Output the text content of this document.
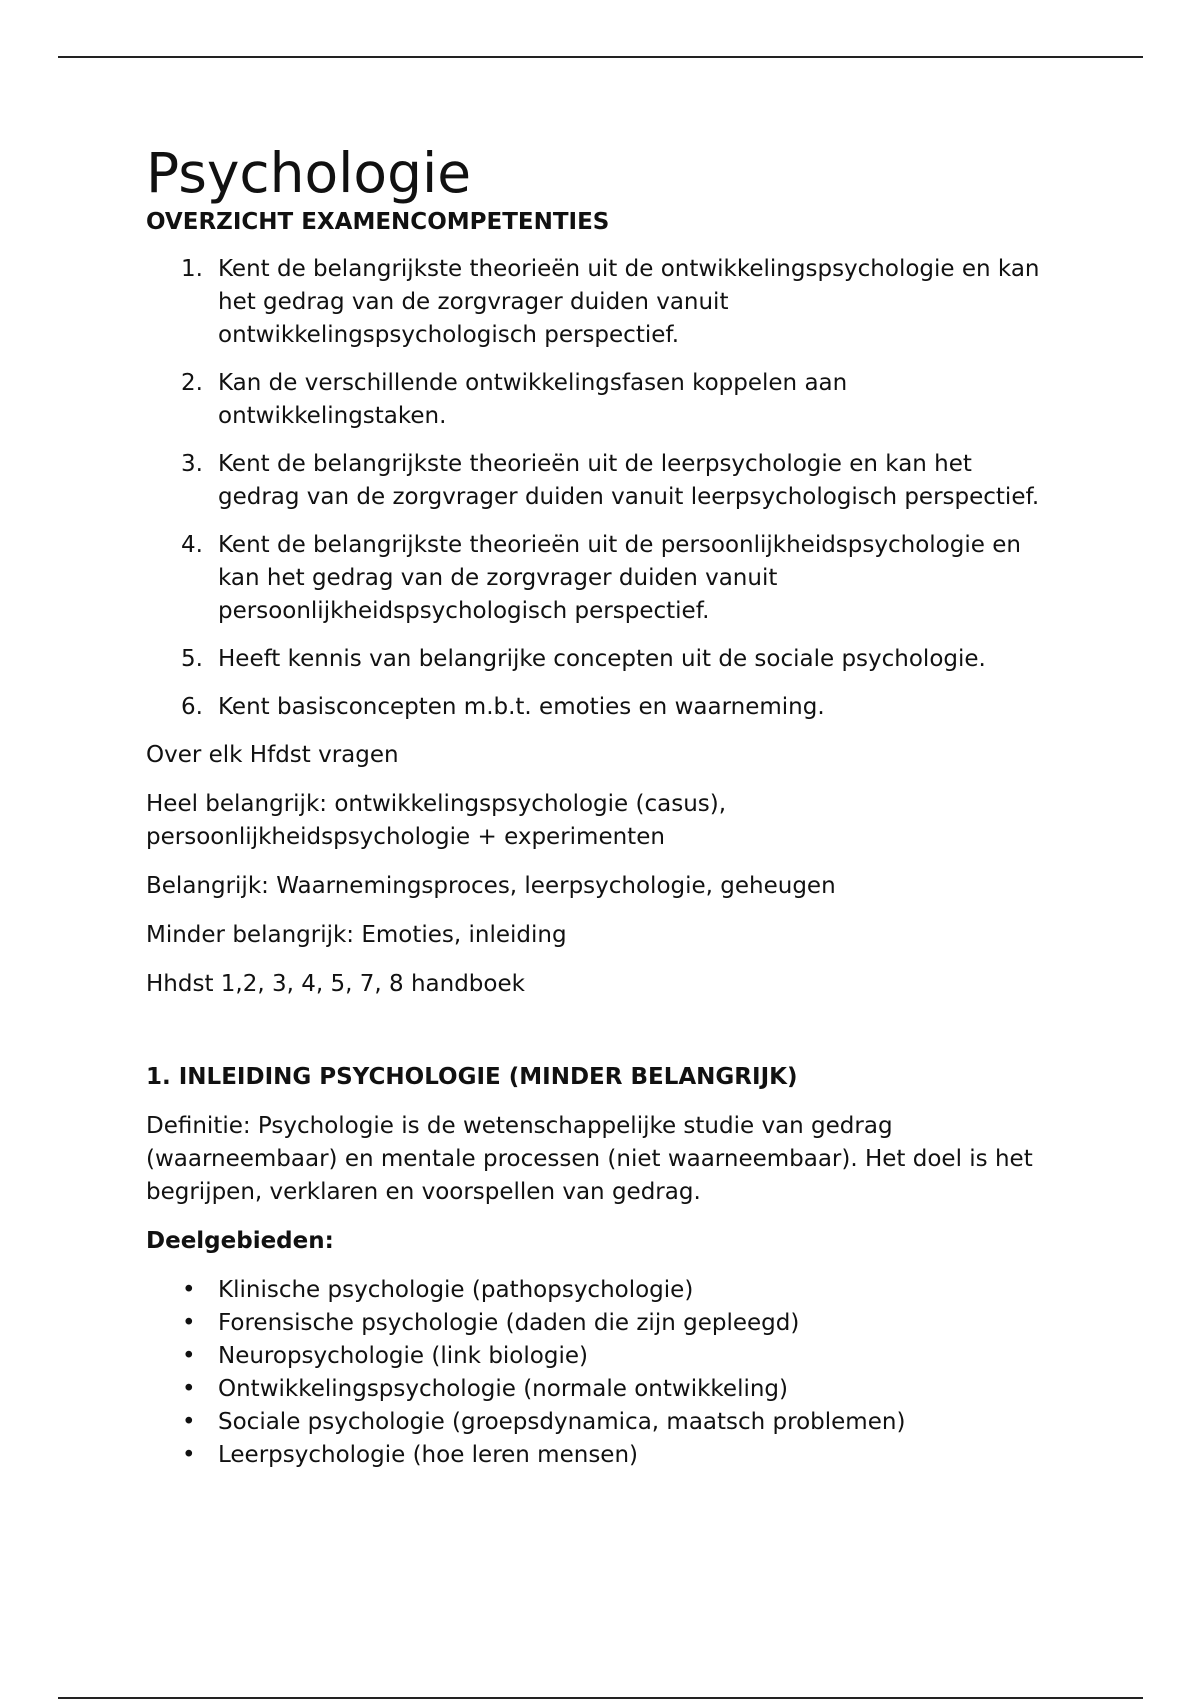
Psychologie
OVERZICHT EXAMENCOMPETENTIES
1. Kent de belangrijkste theorieën uit de ontwikkelingspsychologie en kan het gedrag van de zorgvrager duiden vanuit ontwikkelingspsychologisch perspectief.
2. Kan de verschillende ontwikkelingsfasen koppelen aan ontwikkelingstaken.
3. Kent de belangrijkste theorieën uit de leerpsychologie en kan het gedrag van de zorgvrager duiden vanuit leerpsychologisch perspectief.
4. Kent de belangrijkste theorieën uit de persoonlijkheidspsychologie en kan het gedrag van de zorgvrager duiden vanuit persoonlijkheidspsychologisch perspectief.
5. Heeft kennis van belangrijke concepten uit de sociale psychologie.
6. Kent basisconcepten m.b.t. emoties en waarneming.

Over elk Hfdst vragen

Heel belangrijk: ontwikkelingspsychologie (casus), persoonlijkheidspsychologie + experimenten

Belangrijk: Waarnemingsproces, leerpsychologie, geheugen

Minder belangrijk: Emoties, inleiding

Hhdst 1,2, 3, 4, 5, 7, 8 handboek

1. INLEIDING PSYCHOLOGIE (MINDER BELANGRIJK)

Definitie: Psychologie is de wetenschappelijke studie van gedrag (waarneembaar) en mentale processen (niet waarneembaar). Het doel is het begrijpen, verklaren en voorspellen van gedrag.

Deelgebieden:
• Klinische psychologie (pathopsychologie)
• Forensische psychologie (daden die zijn gepleegd)
• Neuropsychologie (link biologie)
• Ontwikkelingspsychologie (normale ontwikkeling)
• Sociale psychologie (groepsdynamica, maatsch problemen)
• Leerpsychologie (hoe leren mensen)
